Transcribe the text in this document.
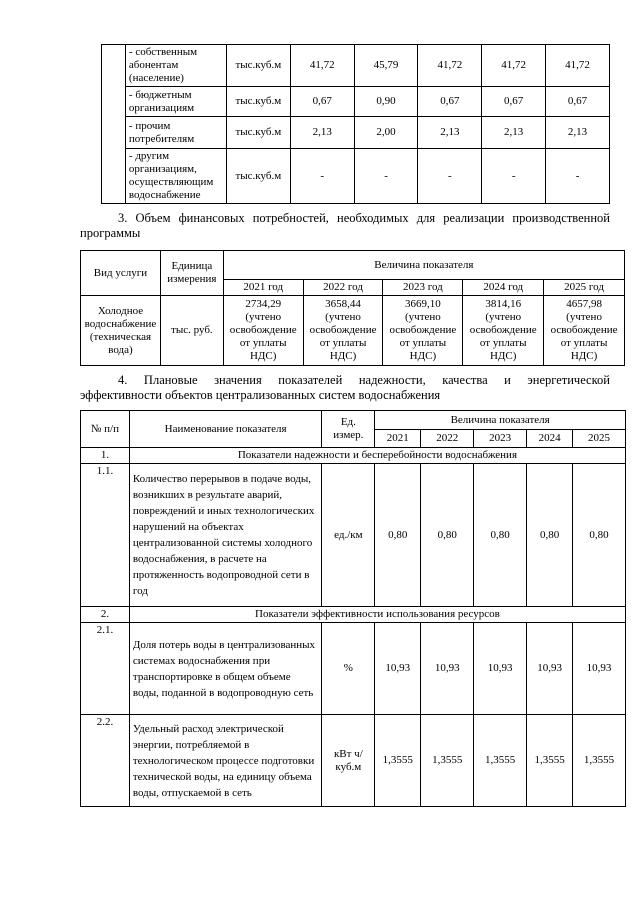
	- собственным абонентам (население)	тыс.куб.м	41,72	45,79	41,72	41,72	41,72
	- бюджетным организациям	тыс.куб.м	0,67	0,90	0,67	0,67	0,67
	- прочим потребителям	тыс.куб.м	2,13	2,00	2,13	2,13	2,13
	- другим организациям, осуществляющим водоснабжение	тыс.куб.м	-	-	-	-	-
3. Объем финансовых потребностей, необходимых для реализации производственной
программы
Вид услуги	Единица измерения	Величина показателя				
		2021 год	2022 год	2023 год	2024 год	2025 год
Холодное водоснабжение (техническая вода)	тыс. руб.	2734,29 (учтено освобождение от уплаты НДС)	3658,44 (учтено освобождение от уплаты НДС)	3669,10 (учтено освобождение от уплаты НДС)	3814,16 (учтено освобождение от уплаты НДС)	4657,98 (учтено освобождение от уплаты НДС)
4. Плановые значения показателей надежности, качества и энергетической
эффективности объектов централизованных систем водоснабжения
№ п/п	Наименование показателя	Ед. измер.	Величина показателя				
			2021	2022	2023	2024	2025
1.	Показатели надежности и бесперебойности водоснабжения						
1.1.	Количество перерывов в подаче воды, возникших в результате аварий, повреждений и иных технологических нарушений на объектах централизованной системы холодного водоснабжения, в расчете на протяженность водопроводной сети в год	ед./км	0,80	0,80	0,80	0,80	0,80
2.	Показатели эффективности использования ресурсов						
2.1.	Доля потерь воды в централизованных системах водоснабжения при транспортировке в общем объеме воды, поданной в водопроводную сеть	%	10,93	10,93	10,93	10,93	10,93
2.2.	Удельный расход электрической энергии, потребляемой в технологическом процессе подготовки технической воды, на единицу объема воды, отпускаемой в сеть	кВт ч/куб.м	1,3555	1,3555	1,3555	1,3555	1,3555
